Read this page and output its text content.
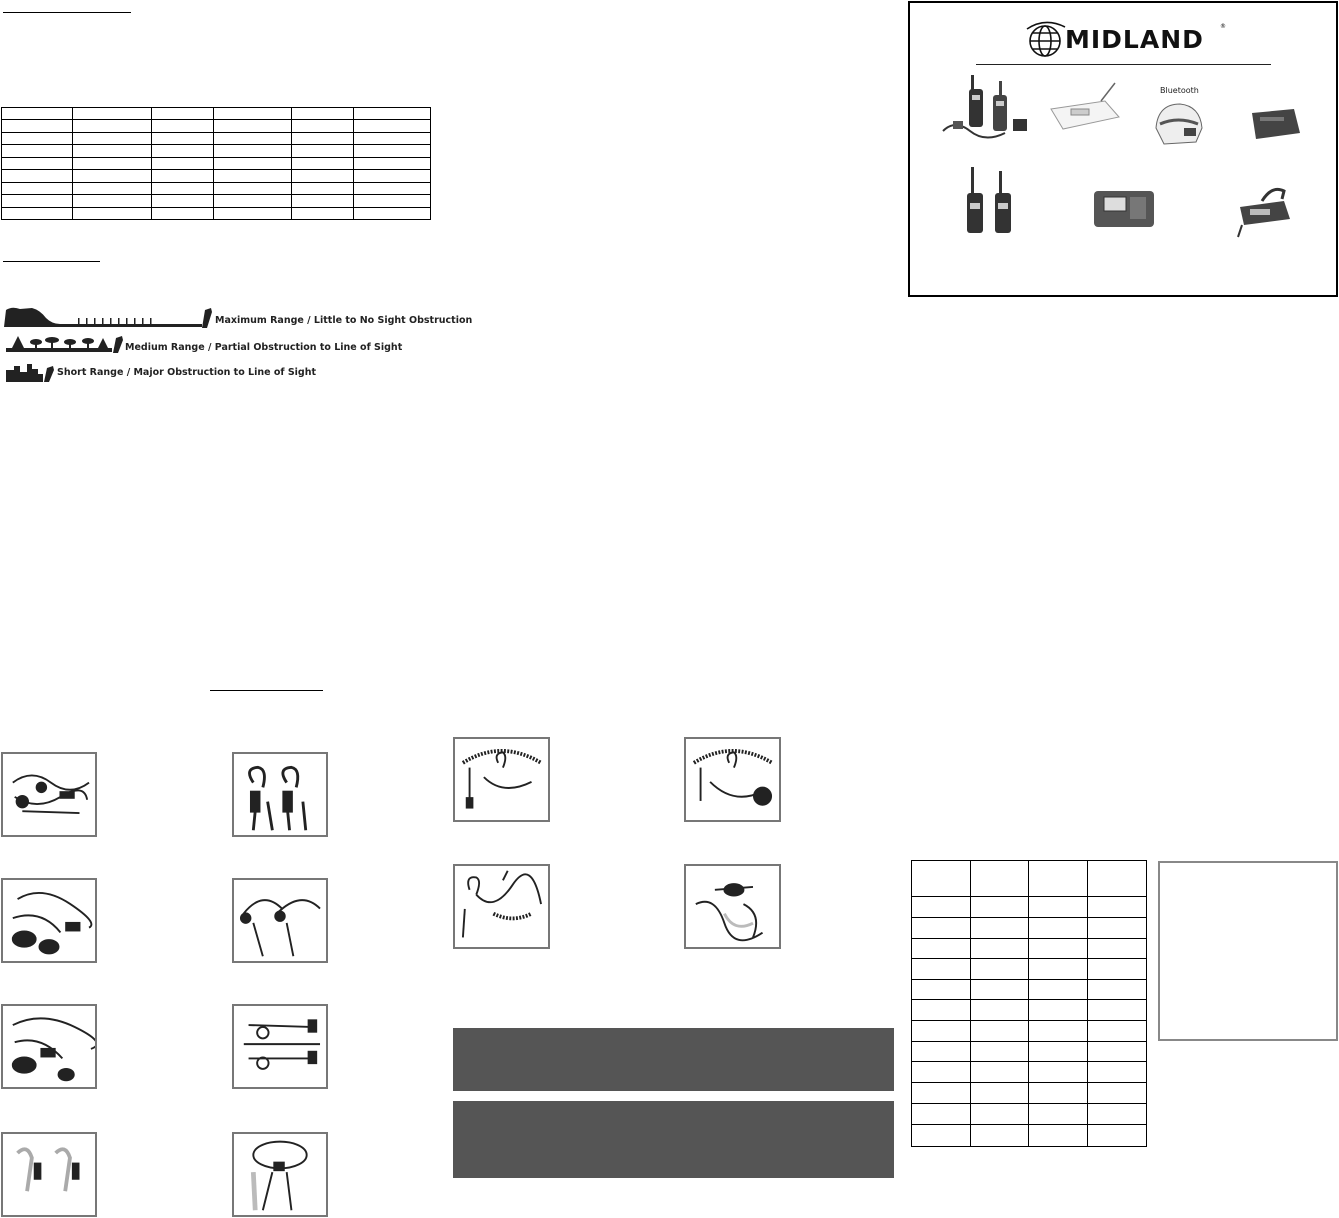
Maximum Range / Little to No Sight Obstruction
Medium Range / Partial Obstruction to Line of Sight
Short Range / Major Obstruction to Line of Sight
MIDLAND	®
Bluetooth
